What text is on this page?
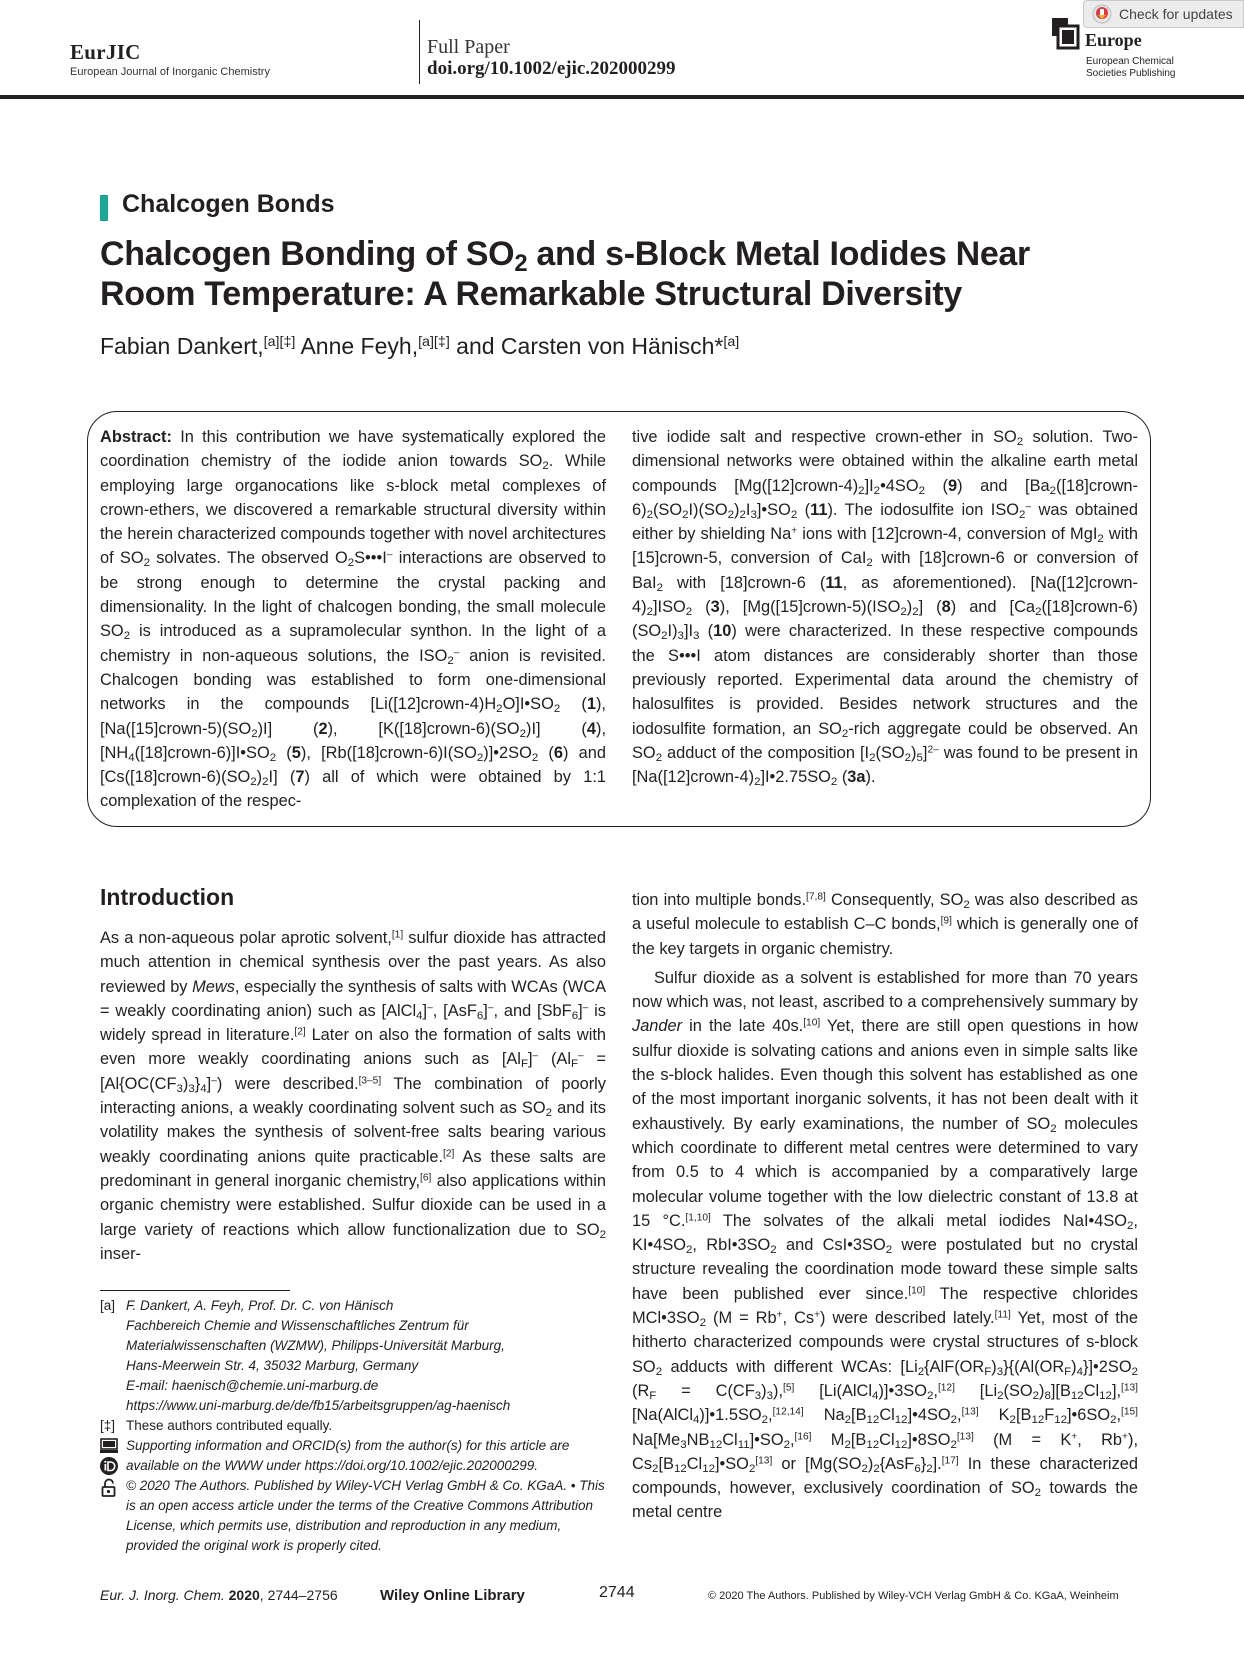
EurJIC
European Journal of Inorganic Chemistry
Full Paper
doi.org/10.1002/ejic.202000299
Europe
European Chemical
Societies Publishing
Check for updates
Chalcogen Bonds
Chalcogen Bonding of $SO_2$ and s-Block Metal Iodides Near
Room Temperature: A Remarkable Structural Diversity
Fabian Dankert,[a][‡] Anne Feyh,[a][‡] and Carsten von Hänisch*[a]
Abstract: In this contribution we have systematically explored the coordination chemistry of the iodide anion towards $SO_2$. While employing large organocations like s-block metal complexes of crown-ethers, we discovered a remarkable structural diversity within the herein characterized compounds together with novel architectures of $SO_2$ solvates. The observed $O_2S•••I^-$ interactions are observed to be strong enough to determine the crystal packing and dimensionality. In the light of chalcogen bonding, the small molecule $SO_2$ is introduced as a supramolecular synthon. In the light of a chemistry in non-aqueous solutions, the $ISO_2^-$ anion is revisited. Chalcogen bonding was established to form one-dimensional networks in the compounds $[Li([12]crown-4)H_2O]I•SO_2$ (1), $[Na([15]crown-5)(SO_2)I]$ (2), $[K([18]crown-6)(SO_2)I]$ (4), $[NH_4([18]crown-6)]I•SO_2$ (5), $[Rb([18]crown-6)I(SO_2)]•2SO_2$ (6) and $[Cs([18]crown-6)(SO_2)_2I]$ (7) all of which were obtained by 1:1 complexation of the respec-
tive iodide salt and respective crown-ether in $SO_2$ solution. Two-dimensional networks were obtained within the alkaline earth metal compounds $[Mg([12]crown-4)_2]I_2•4SO_2$ (9) and $[Ba_2([18]crown-6)_2(SO_2I)(SO_2)_2I_3]•SO_2$ (11). The iodosulfite ion $ISO_2^-$ was obtained either by shielding Na+ ions with [12]crown-4, conversion of MgI$_2$ with [15]crown-5, conversion of CaI$_2$ with [18]crown-6 or conversion of BaI$_2$ with [18]crown-6 (11, as aforementioned). $[Na([12]crown-4)_2]ISO_2$ (3), $[Mg([15]crown-5)(ISO_2)_2]$ (8) and $[Ca_2([18]crown-6)(SO_2I)_3]I_3$ (10) were characterized. In these respective compounds the S•••I atom distances are considerably shorter than those previously reported. Experimental data around the chemistry of halosulfites is provided. Besides network structures and the iodosulfite formation, an $SO_2$-rich aggregate could be observed. An $SO_2$ adduct of the composition $[I_2(SO_2)_5]^{2-}$ was found to be present in $[Na([12]crown-4)_2]I•2.75SO_2$ (3a).
Introduction

As a non-aqueous polar aprotic solvent,[1] sulfur dioxide has attracted much attention in chemical synthesis over the past years. As also reviewed by Mews, especially the synthesis of salts with WCAs (WCA = weakly coordinating anion) such as [AlCl$_4$]–, [AsF$_6$]–, and [SbF$_6$]– is widely spread in literature.[2] Later on also the formation of salts with even more weakly coordinating anions such as $[Al_F]^-$ $(Al_F^- = [Al\{OC(CF_3)_3\}_4]^-)$ were described.[3–5] The combination of poorly interacting anions, a weakly coordinating solvent such as $SO_2$ and its volatility makes the synthesis of solvent-free salts bearing various weakly coordinating anions quite practicable.[2] As these salts are predominant in general inorganic chemistry,[6] also applications within organic chemistry were established. Sulfur dioxide can be used in a large variety of reactions which allow functionalization due to $SO_2$ inser-

tion into multiple bonds.[7,8] Consequently, $SO_2$ was also described as a useful molecule to establish C–C bonds,[9] which is generally one of the key targets in organic chemistry.

Sulfur dioxide as a solvent is established for more than 70 years now which was, not least, ascribed to a comprehensively summary by Jander in the late 40s.[10] Yet, there are still open questions in how sulfur dioxide is solvating cations and anions even in simple salts like the s-block halides. Even though this solvent has established as one of the most important inorganic solvents, it has not been dealt with it exhaustively. By early examinations, the number of $SO_2$ molecules which coordinate to different metal centres were determined to vary from 0.5 to 4 which is accompanied by a comparatively large molecular volume together with the low dielectric constant of 13.8 at 15 °C.[1,10] The solvates of the alkali metal iodides $NaI•4SO_2$, $KI•4SO_2$, $RbI•3SO_2$ and $CsI•3SO_2$ were postulated but no crystal structure revealing the coordination mode toward these simple salts have been published ever since.[10] The respective chlorides $MCl•3SO_2$ (M = Rb+, Cs+) were described lately.[11] Yet, most of the hitherto characterized compounds were crystal structures of s-block $SO_2$ adducts with different WCAs: [$Li_2\{AlF(OR_F)_3\}\{(Al(OR_F)_4\}]•2SO_2$ $(R_F = C(CF_3)_3),[5]$ $[Li(AlCl_4)]•3SO_2,[12]$ $[Li_2(SO_2)_8][B_{12}Cl_{12}],[13]$ $[Na(AlCl_4)]•1.5SO_2,[12,14]$ $Na_2[B_{12}Cl_{12}]•4SO_2,[13]$ $K_2[B_{12}F_{12}]•6SO_2,[15]$ $Na[Me_3NB_{12}Cl_{11}]•SO_2,[16]$ $M_2[B_{12}Cl_{12}]•8SO_2[13]$ (M = K+, Rb+), $Cs_2[B_{12}Cl_{12}]•SO_2[13]$ or $[Mg(SO_2)_2\{AsF_6\}_2].[17]$ In these characterized compounds, however, exclusively coordination of $SO_2$ towards the metal centre

[a] F. Dankert, A. Feyh, Prof. Dr. C. von Hänisch
Fachbereich Chemie and Wissenschaftliches Zentrum für
Materialwissenschaften (WZMW), Philipps-Universität Marburg,
Hans-Meerwein Str. 4, 35032 Marburg, Germany
E-mail: haenisch@chemie.uni-marburg.de
https://www.uni-marburg.de/de/fb15/arbeitsgruppen/ag-haenisch
[‡] These authors contributed equally.
Supporting information and ORCID(s) from the author(s) for this article are available on the WWW under https://doi.org/10.1002/ejic.202000299.
© 2020 The Authors. Published by Wiley-VCH Verlag GmbH & Co. KGaA. • This is an open access article under the terms of the Creative Commons Attribution License, which permits use, distribution and reproduction in any medium, provided the original work is properly cited.
Eur. J. Inorg. Chem. 2020, 2744–2756	Wiley Online Library	2744	© 2020 The Authors. Published by Wiley-VCH Verlag GmbH & Co. KGaA, Weinheim
